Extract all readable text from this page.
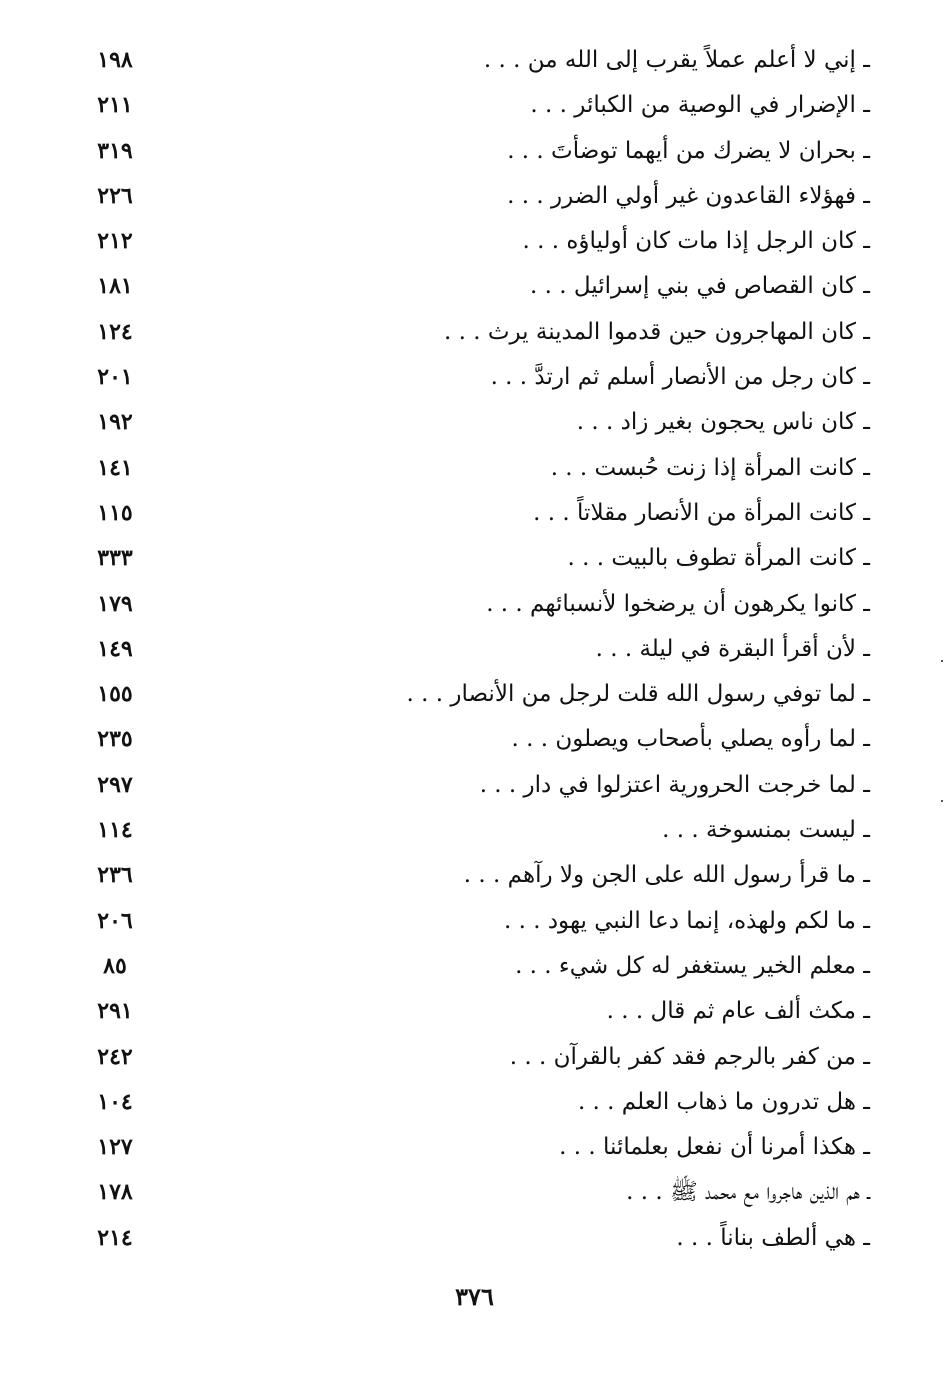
ـ إني لا أعلم عملاً يقرب إلى الله من . . .
١٩٨
ـ الإضرار في الوصية من الكبائر . . .
٢١١
ـ بحران لا يضرك من أيهما توضأتَ . . .
٣١٩
ـ فهؤلاء القاعدون غير أولي الضرر . . .
٢٢٦
ـ كان الرجل إذا مات كان أولياؤه . . .
٢١٢
ـ كان القصاص في بني إسرائيل . . .
١٨١
ـ كان المهاجرون حين قدموا المدينة يرث . . .
١٢٤
ـ كان رجل من الأنصار أسلم ثم ارتدَّ . . .
٢٠١
ـ كان ناس يحجون بغير زاد . . .
١٩٢
ـ كانت المرأة إذا زنت حُبست . . .
١٤١
ـ كانت المرأة من الأنصار مقلاتاً . . .
١١٥
ـ كانت المرأة تطوف بالبيت . . .
٣٣٣
ـ كانوا يكرهون أن يرضخوا لأنسبائهم . . .
١٧٩
ـ لأن أقرأ البقرة في ليلة . . .
١٤٩
ـ لما توفي رسول الله قلت لرجل من الأنصار . . .
١٥٥
ـ لما رأوه يصلي بأصحاب ويصلون . . .
٢٣٥
ـ لما خرجت الحرورية اعتزلوا في دار . . .
٢٩٧
ـ ليست بمنسوخة . . .
١١٤
ـ ما قرأ رسول الله على الجن ولا رآهم . . .
٢٣٦
ـ ما لكم ولهذه، إنما دعا النبي يهود . . .
٢٠٦
ـ معلم الخير يستغفر له كل شيء . . .
٨٥
ـ مكث ألف عام ثم قال . . .
٢٩١
ـ من كفر بالرجم فقد كفر بالقرآن . . .
٢٤٢
ـ هل تدرون ما ذهاب العلم . . .
١٠٤
ـ هكذا أمرنا أن نفعل بعلمائنا . . .
١٢٧
ـ هم الذين هاجروا مع محمد ﷺ . . .
١٧٨
ـ هي ألطف بناناً . . .
٢١٤
٣٧٦
